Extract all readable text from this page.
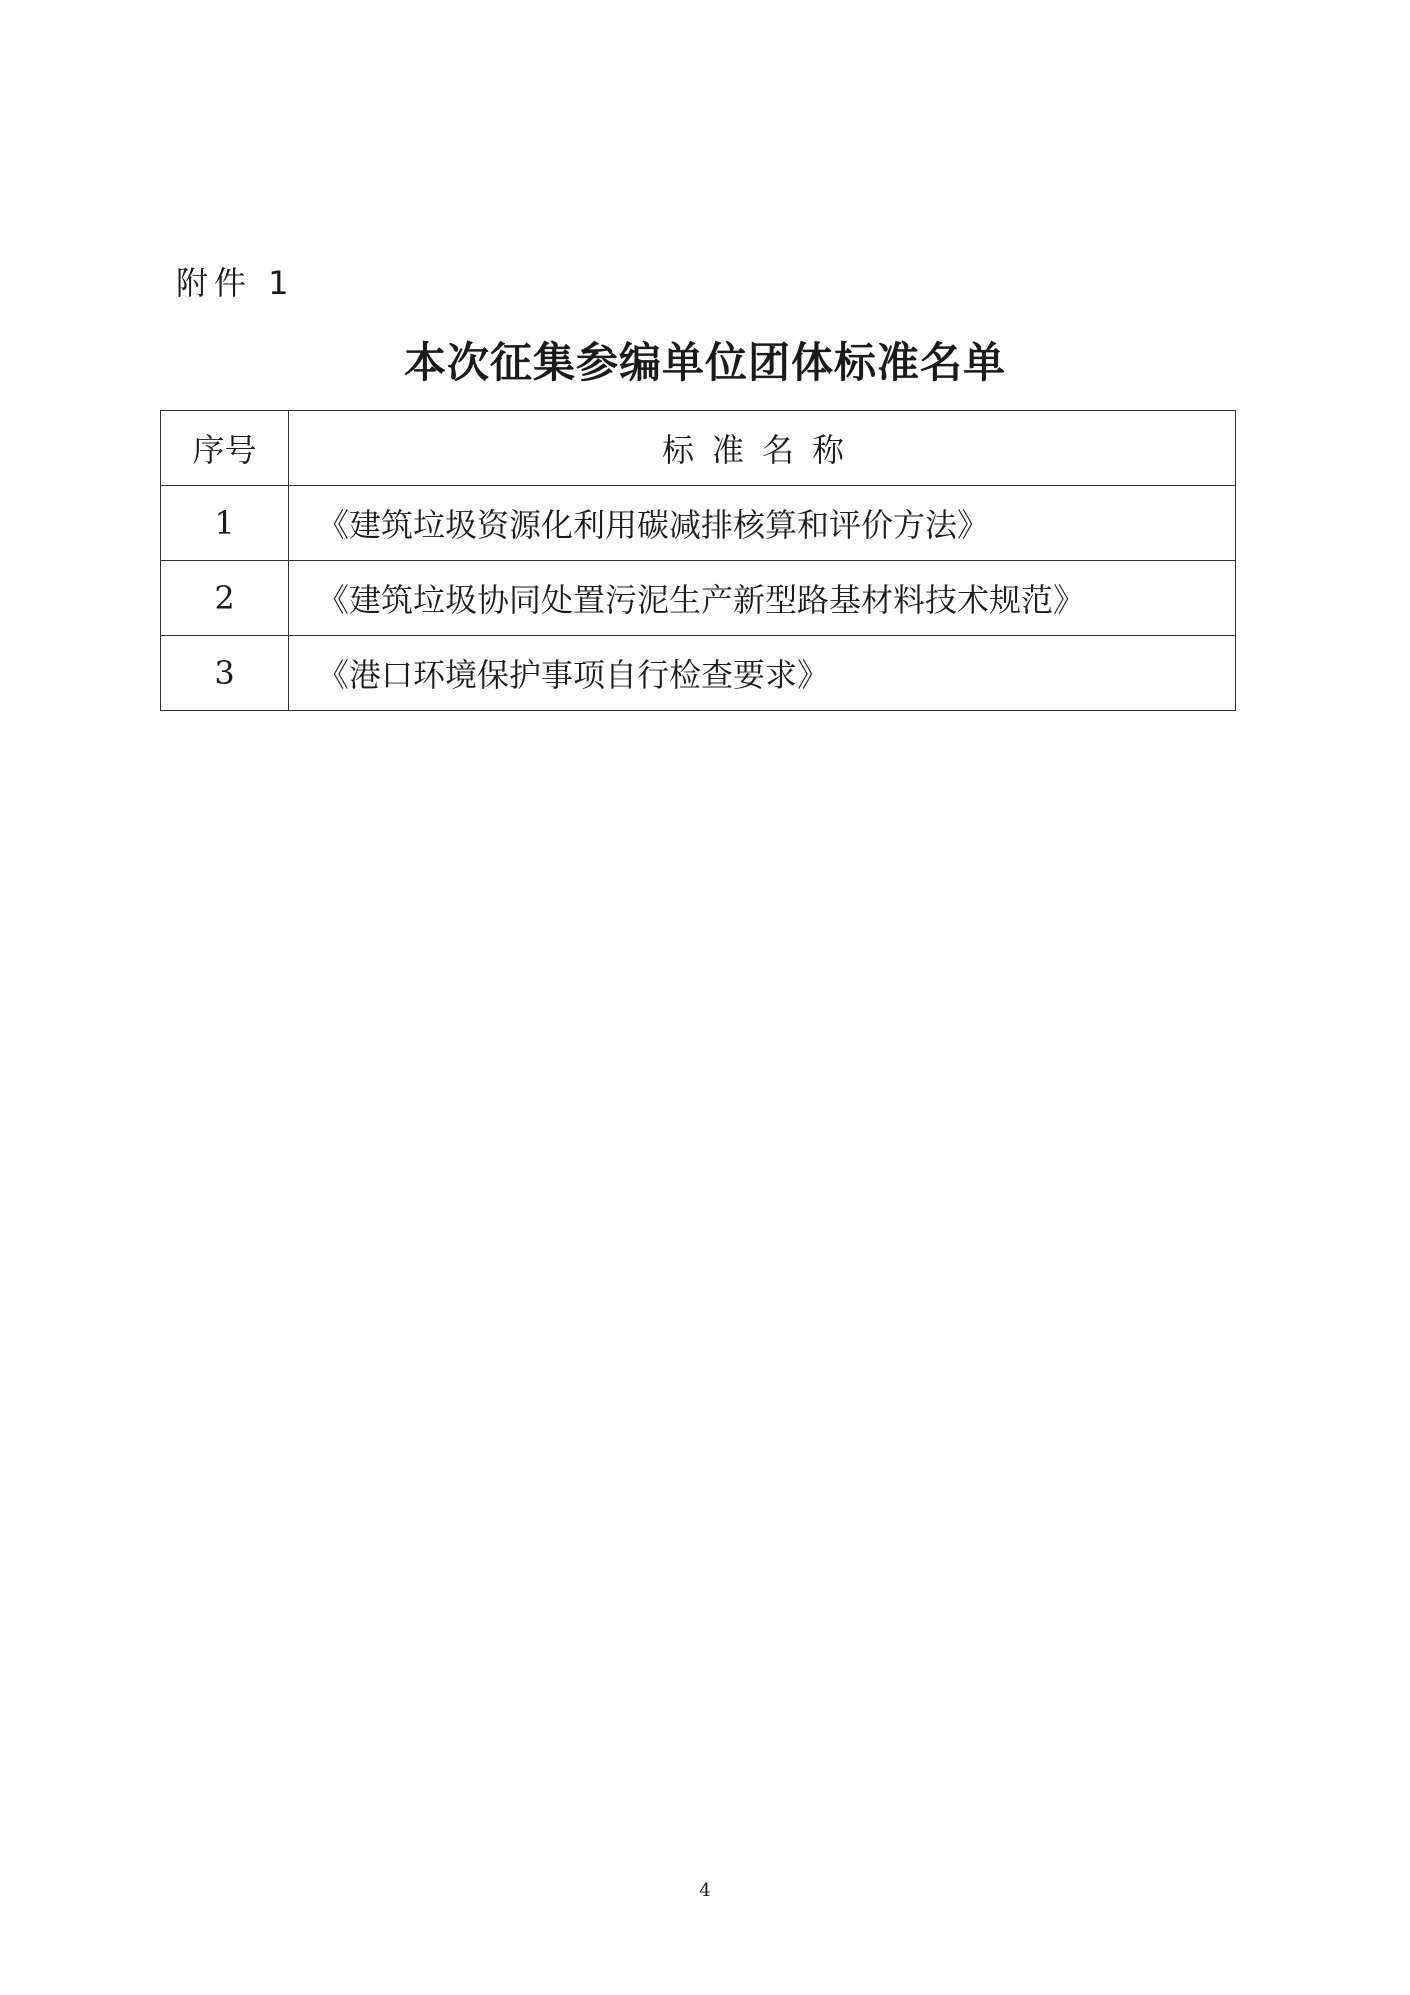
附件 1
本次征集参编单位团体标准名单
序号	标准名称
1	《建筑垃圾资源化利用碳减排核算和评价方法》
2	《建筑垃圾协同处置污泥生产新型路基材料技术规范》
3	《港口环境保护事项自行检查要求》
4
